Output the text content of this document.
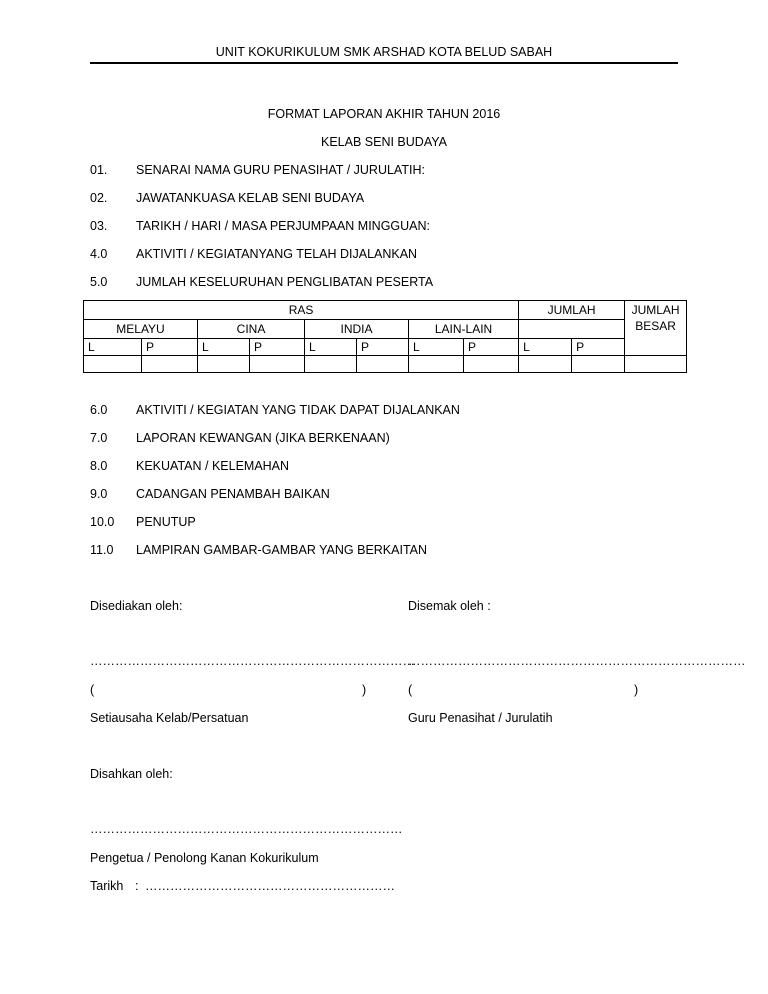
UNIT KOKURIKULUM SMK ARSHAD KOTA BELUD SABAH
FORMAT LAPORAN AKHIR TAHUN 2016
KELAB SENI BUDAYA
01. SENARAI NAMA GURU PENASIHAT / JURULATIH:
02. JAWATANKUASA KELAB SENI BUDAYA
03. TARIKH / HARI / MASA PERJUMPAAN MINGGUAN:
4.0 AKTIVITI / KEGIATANYANG TELAH DIJALANKAN
5.0 JUMLAH KESELURUHAN PENGLIBATAN PESERTA
RAS								JUMLAH		JUMLAH
BESAR

MELAYU		CINA		INDIA		LAIN-LAIN				
L	P	L	P	L	P	L	P	L	P	

6.0 AKTIVITI / KEGIATAN YANG TIDAK DAPAT DIJALANKAN
7.0 LAPORAN KEWANGAN (JIKA BERKENAAN)
8.0 KEKUATAN / KELEMAHAN
9.0 CADANGAN PENAMBAH BAIKAN
10.0 PENUTUP
11.0 LAMPIRAN GAMBAR-GAMBAR YANG BERKAITAN
Disediakan oleh:	Disemak oleh :
……………………………………………………………………
………………………………………………………………………
(	)	(	)
Setiausaha Kelab/Persatuan	Guru Penasihat / Jurulatih
Disahkan oleh:
…………………………………………………………………
Pengetua / Penolong Kanan Kokurikulum
Tarikh : ……………………………………………………
